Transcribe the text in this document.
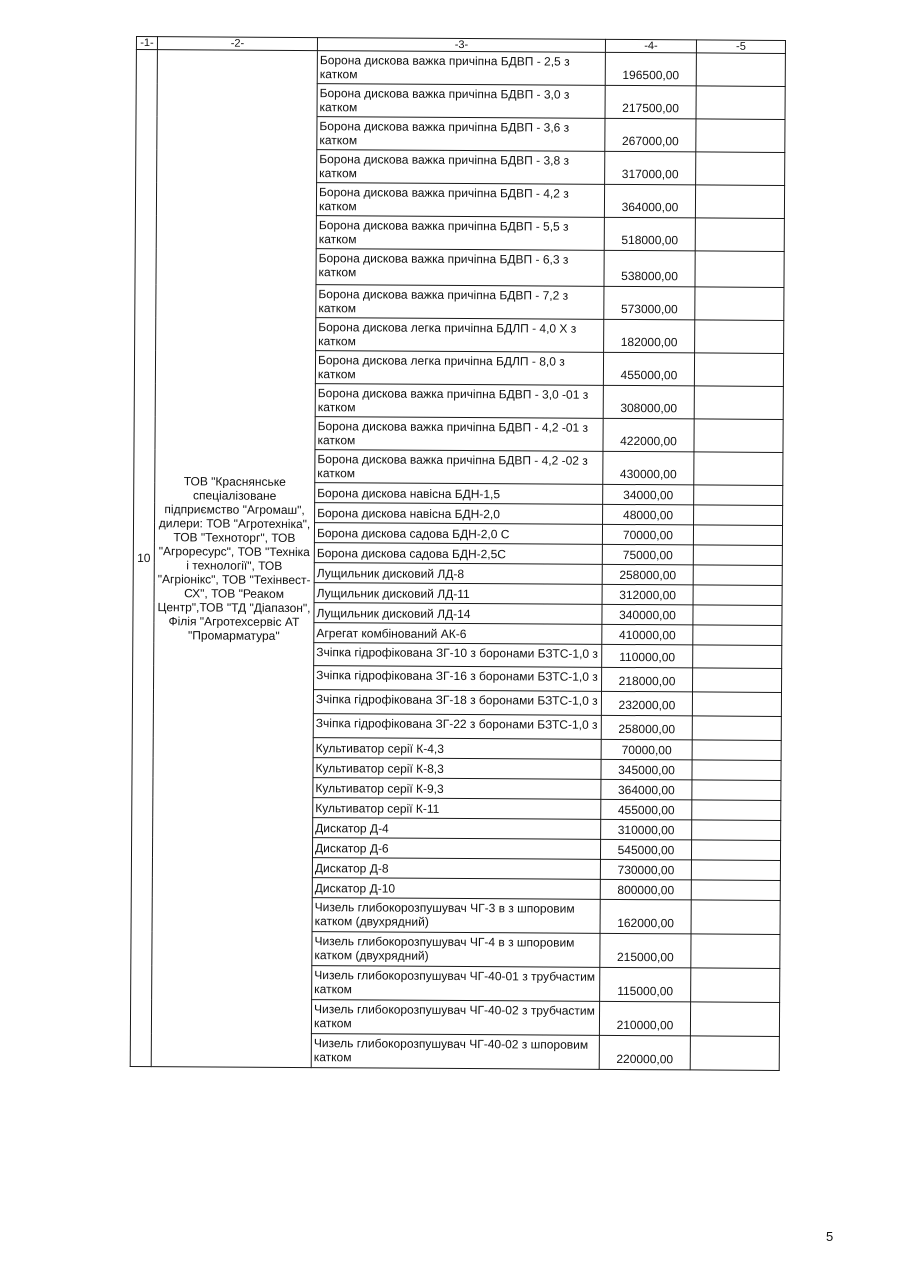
-1-	-2-	-3-	-4-	-5
10	ТОВ "Краснянське спеціалізоване підприємство "Агромаш", дилери: ТОВ "Агротехніка", ТОВ "Техноторг", ТОВ "Агроресурс", ТОВ "Техніка і технології", ТОВ "Агріонікс", ТОВ "Техінвест-СХ", ТОВ "Реаком Центр",ТОВ "ТД "Діапазон", Філія "Агротехсервіс АТ "Промарматура"	Борона дискова важка причіпна БДВП - 2,5 з катком	196500,00	
		Борона дискова важка причіпна БДВП - 3,0 з катком	217500,00	
		Борона дискова важка причіпна БДВП - 3,6 з катком	267000,00	
		Борона дискова важка причіпна БДВП - 3,8 з катком	317000,00	
		Борона дискова важка причіпна БДВП - 4,2 з катком	364000,00	
		Борона дискова важка причіпна БДВП - 5,5 з катком	518000,00	
		Борона дискова важка причіпна БДВП - 6,3 з катком	538000,00	
		Борона дискова важка причіпна БДВП - 7,2 з катком	573000,00	
		Борона дискова легка причіпна БДЛП - 4,0 Х з катком	182000,00	
		Борона дискова легка причіпна БДЛП - 8,0 з катком	455000,00	
		Борона дискова важка причіпна БДВП - 3,0 -01 з катком	308000,00	
		Борона дискова важка причіпна БДВП - 4,2 -01 з катком	422000,00	
		Борона дискова важка причіпна БДВП - 4,2 -02 з катком	430000,00	
		Борона дискова навісна БДН-1,5	34000,00	
		Борона дискова навісна БДН-2,0	48000,00	
		Борона дискова садова БДН-2,0 С	70000,00	
		Борона дискова садова БДН-2,5С	75000,00	
		Лущильник дисковий ЛД-8	258000,00	
		Лущильник дисковий ЛД-11	312000,00	
		Лущильник дисковий ЛД-14	340000,00	
		Агрегат комбінований АК-6	410000,00	
		Зчіпка гідрофікована ЗГ-10 з боронами БЗТС-1,0 з	110000,00	
		Зчіпка гідрофікована ЗГ-16 з боронами БЗТС-1,0 з	218000,00	
		Зчіпка гідрофікована ЗГ-18 з боронами БЗТС-1,0 з	232000,00	
		Зчіпка гідрофікована ЗГ-22 з боронами БЗТС-1,0 з	258000,00	
		Культиватор серії К-4,3	70000,00	
		Культиватор серії К-8,3	345000,00	
		Культиватор серії К-9,3	364000,00	
		Культиватор серії К-11	455000,00	
		Дискатор Д-4	310000,00	
		Дискатор Д-6	545000,00	
		Дискатор Д-8	730000,00	
		Дискатор Д-10	800000,00	
		Чизель глибокорозпушувач ЧГ-3 в з шпоровим катком (двухрядний)	162000,00	
		Чизель глибокорозпушувач ЧГ-4 в з шпоровим катком (двухрядний)	215000,00	
		Чизель глибокорозпушувач ЧГ-40-01 з трубчастим катком	115000,00	
		Чизель глибокорозпушувач ЧГ-40-02 з трубчастим катком	210000,00	
		Чизель глибокорозпушувач ЧГ-40-02 з шпоровим катком	220000,00	
5
